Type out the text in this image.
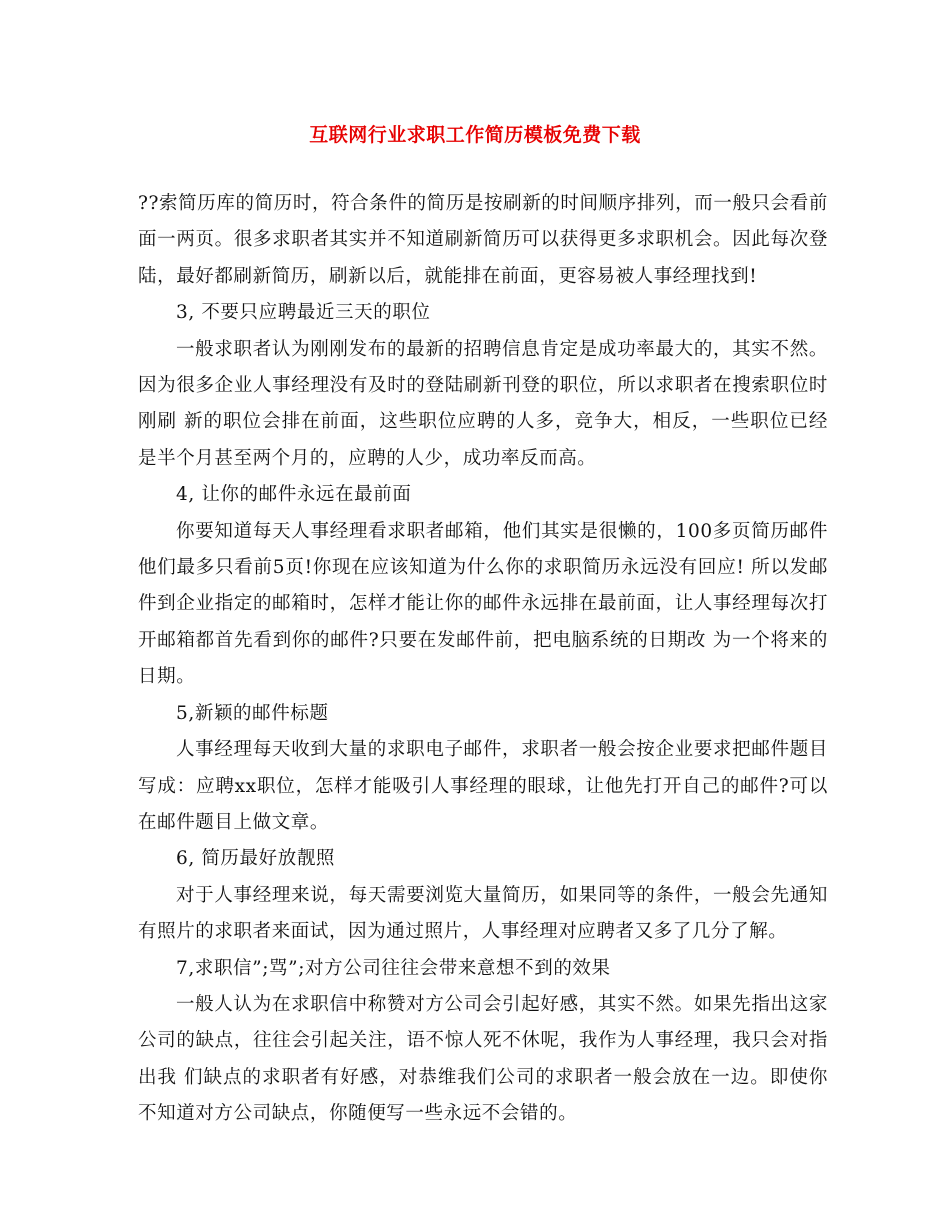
互联网行业求职工作简历模板免费下载

??索简历库的简历时，符合条件的简历是按刷新的时间顺序排列，而一般只会看前面一两页。很多求职者其实并不知道刷新简历可以获得更多求职机会。因此每次登陆，最好都刷新简历，刷新以后，就能排在前面，更容易被人事经理找到!

3, 不要只应聘最近三天的职位

一般求职者认为刚刚发布的最新的招聘信息肯定是成功率最大的，其实不然。因为很多企业人事经理没有及时的登陆刷新刊登的职位，所以求职者在搜索职位时刚刷 新的职位会排在前面，这些职位应聘的人多，竞争大，相反，一些职位已经是半个月甚至两个月的，应聘的人少，成功率反而高。

4, 让你的邮件永远在最前面

你要知道每天人事经理看求职者邮箱，他们其实是很懒的，100多页简历邮件他们最多只看前5页!你现在应该知道为什么你的求职简历永远没有回应! 所以发邮件到企业指定的邮箱时，怎样才能让你的邮件永远排在最前面，让人事经理每次打开邮箱都首先看到你的邮件?只要在发邮件前，把电脑系统的日期改 为一个将来的日期。

5,新颖的邮件标题

人事经理每天收到大量的求职电子邮件，求职者一般会按企业要求把邮件题目写成：应聘xx职位，怎样才能吸引人事经理的眼球，让他先打开自己的邮件?可以在邮件题目上做文章。

6, 简历最好放靓照

对于人事经理来说，每天需要浏览大量简历，如果同等的条件，一般会先通知有照片的求职者来面试，因为通过照片，人事经理对应聘者又多了几分了解。

7,求职信”;骂”;对方公司往往会带来意想不到的效果

一般人认为在求职信中称赞对方公司会引起好感，其实不然。如果先指出这家公司的缺点，往往会引起关注，语不惊人死不休呢，我作为人事经理，我只会对指出我 们缺点的求职者有好感，对恭维我们公司的求职者一般会放在一边。即使你不知道对方公司缺点，你随便写一些永远不会错的。
